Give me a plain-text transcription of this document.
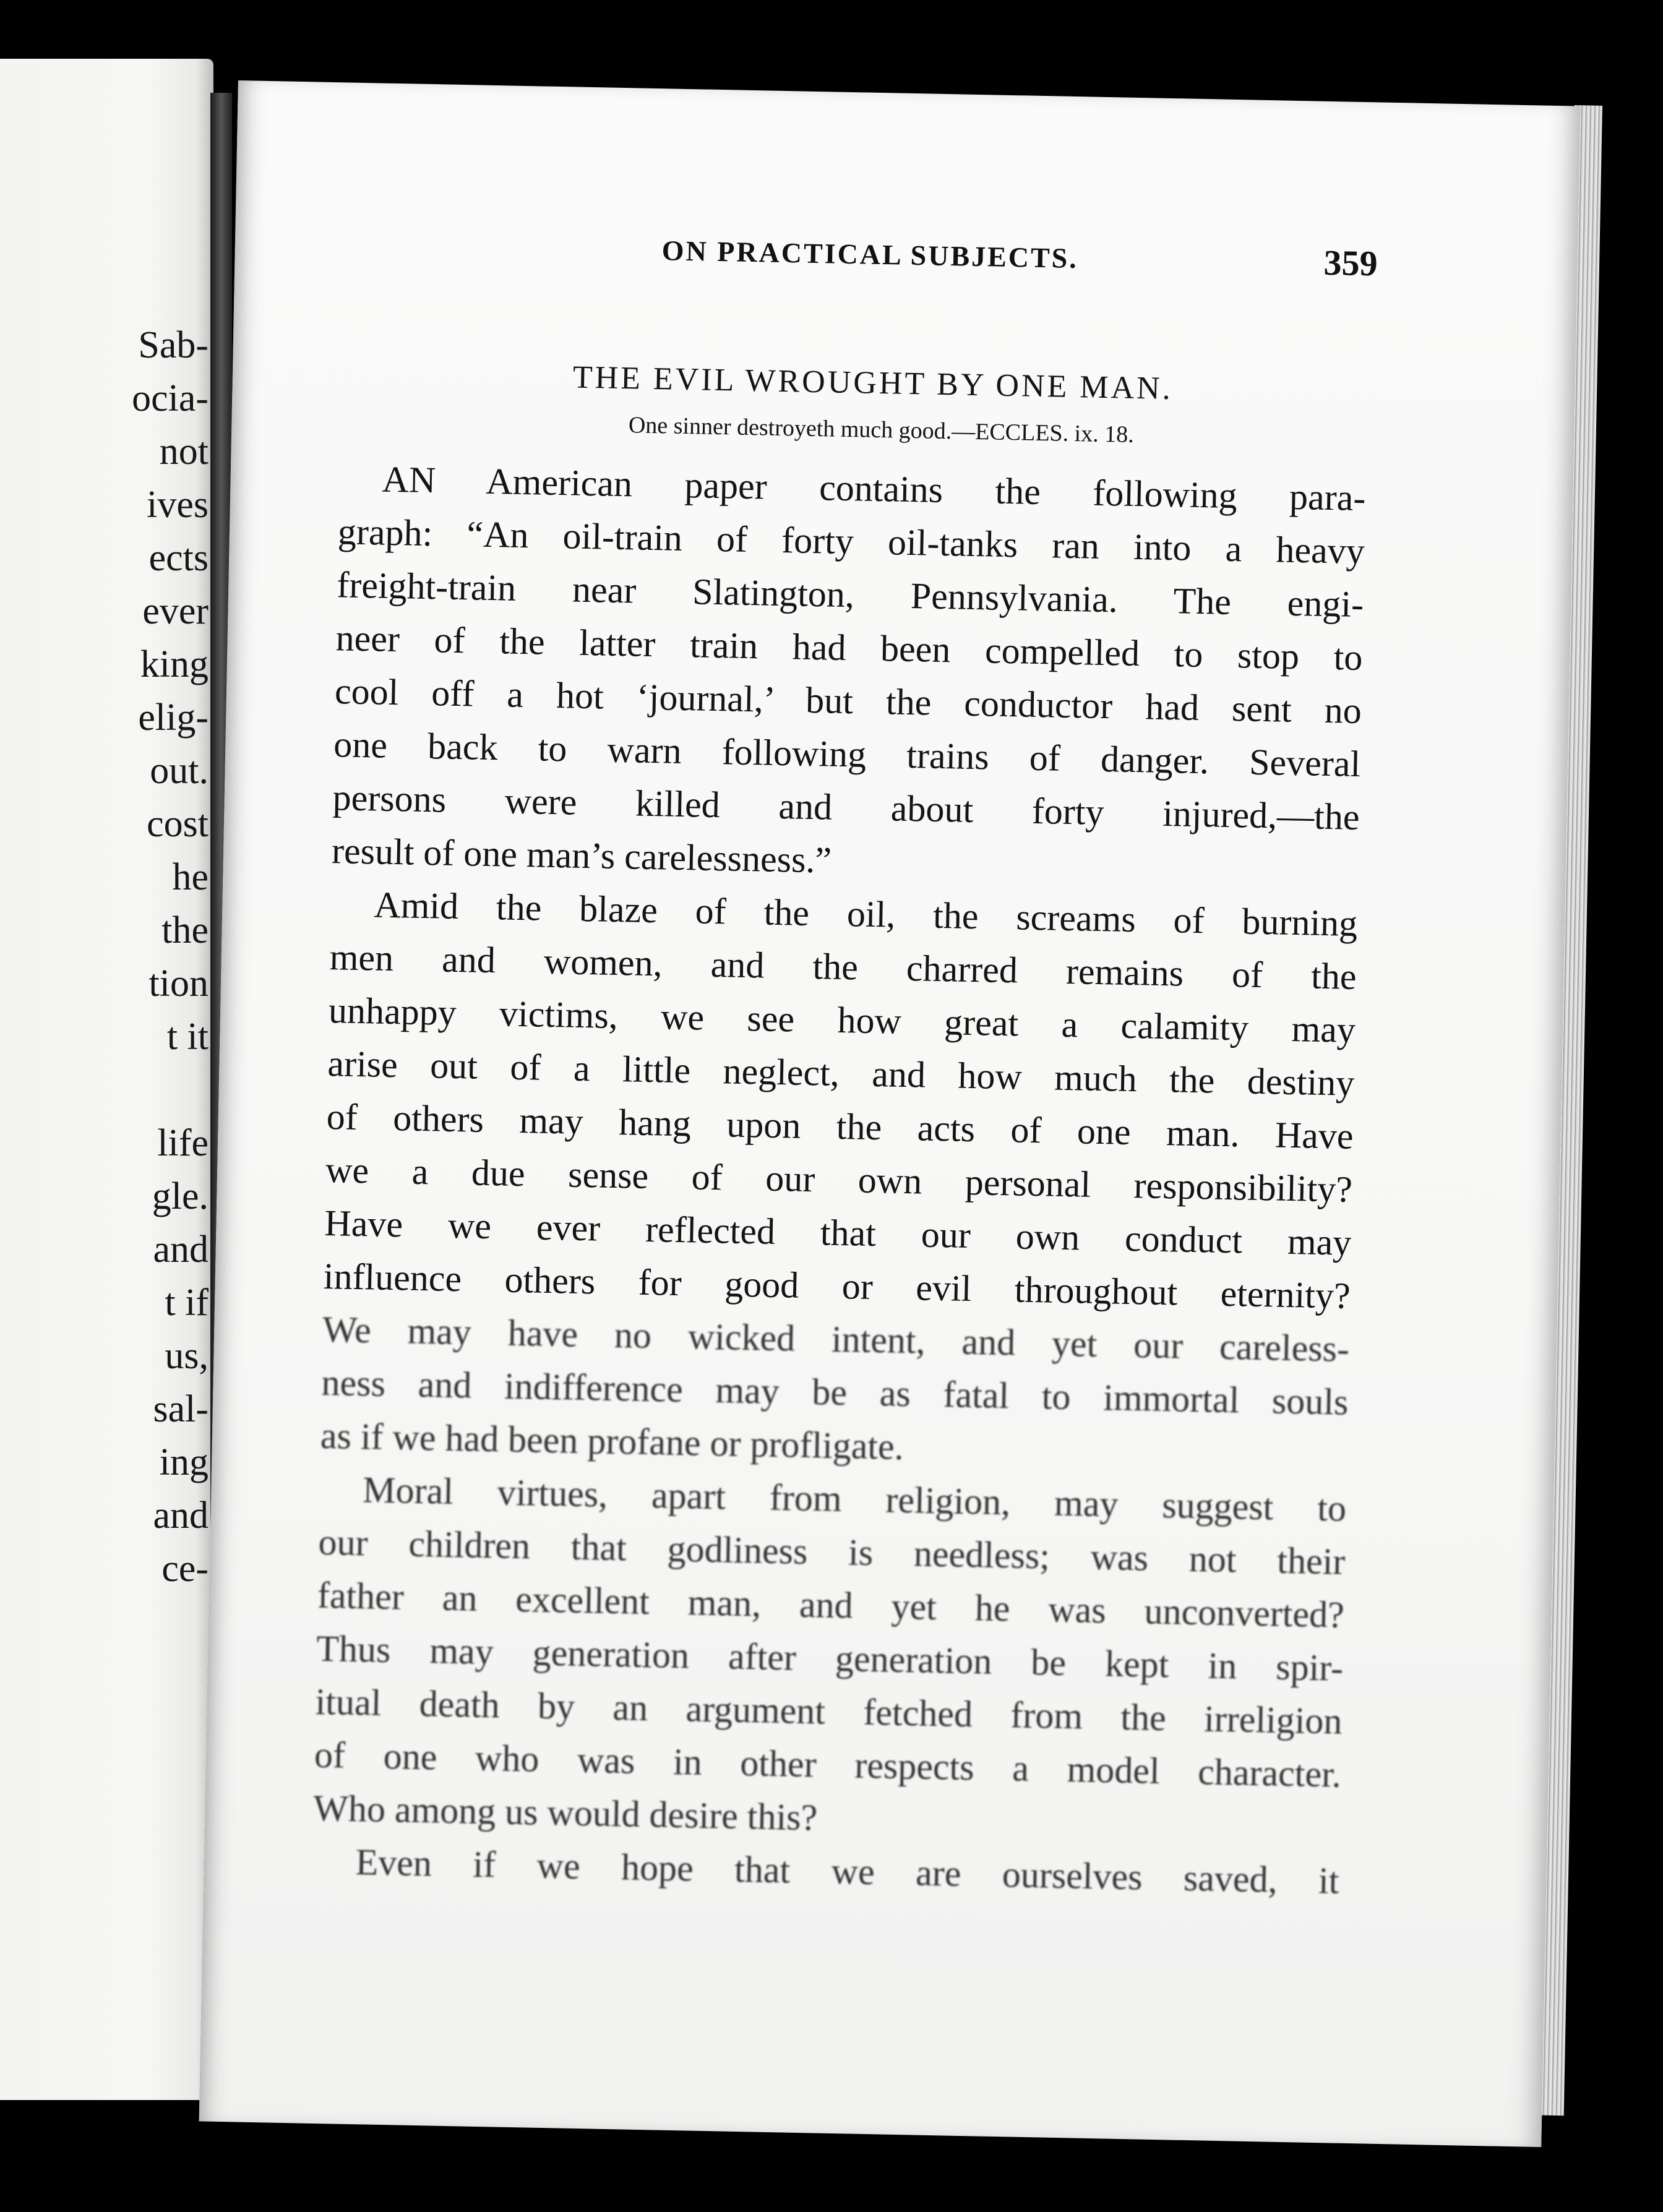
Sab-
ocia-
not
ives
ects
ever
king
elig-
out.
cost
he
the
tion
t it
life
gle.
and
t if
us,
sal-
ing
and
ce-
ON PRACTICAL SUBJECTS.	359
THE EVIL WROUGHT BY ONE MAN.
One sinner destroyeth much good.—ECCLES. ix. 18.
AN American paper contains the following para-
graph: “An oil-train of forty oil-tanks ran into a heavy
freight-train near Slatington, Pennsylvania. The engi-
neer of the latter train had been compelled to stop to
cool off a hot ‘journal,’ but the conductor had sent no
one back to warn following trains of danger. Several
persons were killed and about forty injured,—the
result of one man’s carelessness.”
Amid the blaze of the oil, the screams of burning
men and women, and the charred remains of the
unhappy victims, we see how great a calamity may
arise out of a little neglect, and how much the destiny
of others may hang upon the acts of one man. Have
we a due sense of our own personal responsibility?
Have we ever reflected that our own conduct may
influence others for good or evil throughout eternity?
We may have no wicked intent, and yet our careless-
ness and indifference may be as fatal to immortal souls
as if we had been profane or profligate.
Moral virtues, apart from religion, may suggest to
our children that godliness is needless; was not their
father an excellent man, and yet he was unconverted?
Thus may generation after generation be kept in spir-
itual death by an argument fetched from the irreligion
of one who was in other respects a model character.
Who among us would desire this?
Even if we hope that we are ourselves saved, it
